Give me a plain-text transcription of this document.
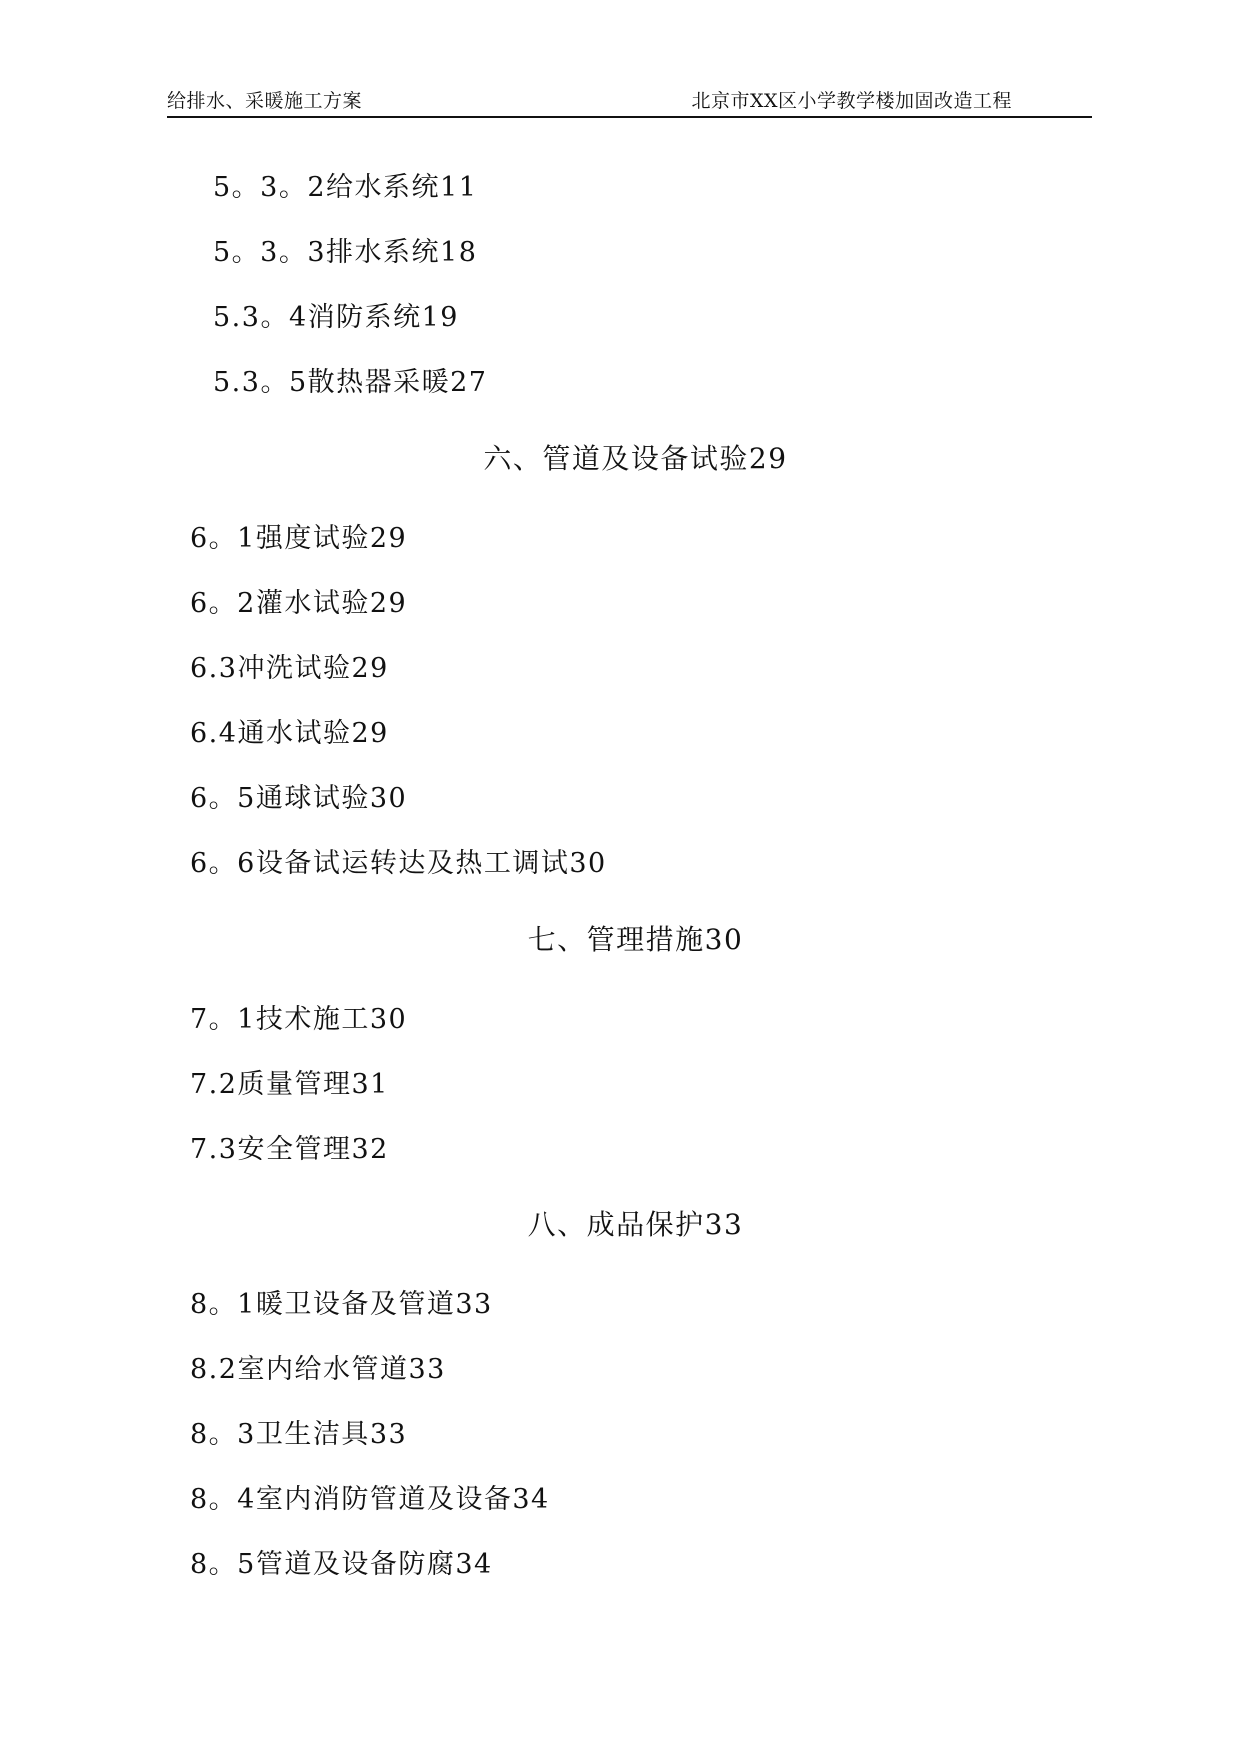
给排水、采暖施工方案	北京市XX区小学教学楼加固改造工程
5。3。2给水系统11
5。3。3排水系统18
5.3。4消防系统19
5.3。5散热器采暖27
六、管道及设备试验29
6。1强度试验29
6。2灌水试验29
6.3冲洗试验29
6.4通水试验29
6。5通球试验30
6。6设备试运转达及热工调试30
七、管理措施30
7。1技术施工30
7.2质量管理31
7.3安全管理32
八、成品保护33
8。1暖卫设备及管道33
8.2室内给水管道33
8。3卫生洁具33
8。4室内消防管道及设备34
8。5管道及设备防腐34
